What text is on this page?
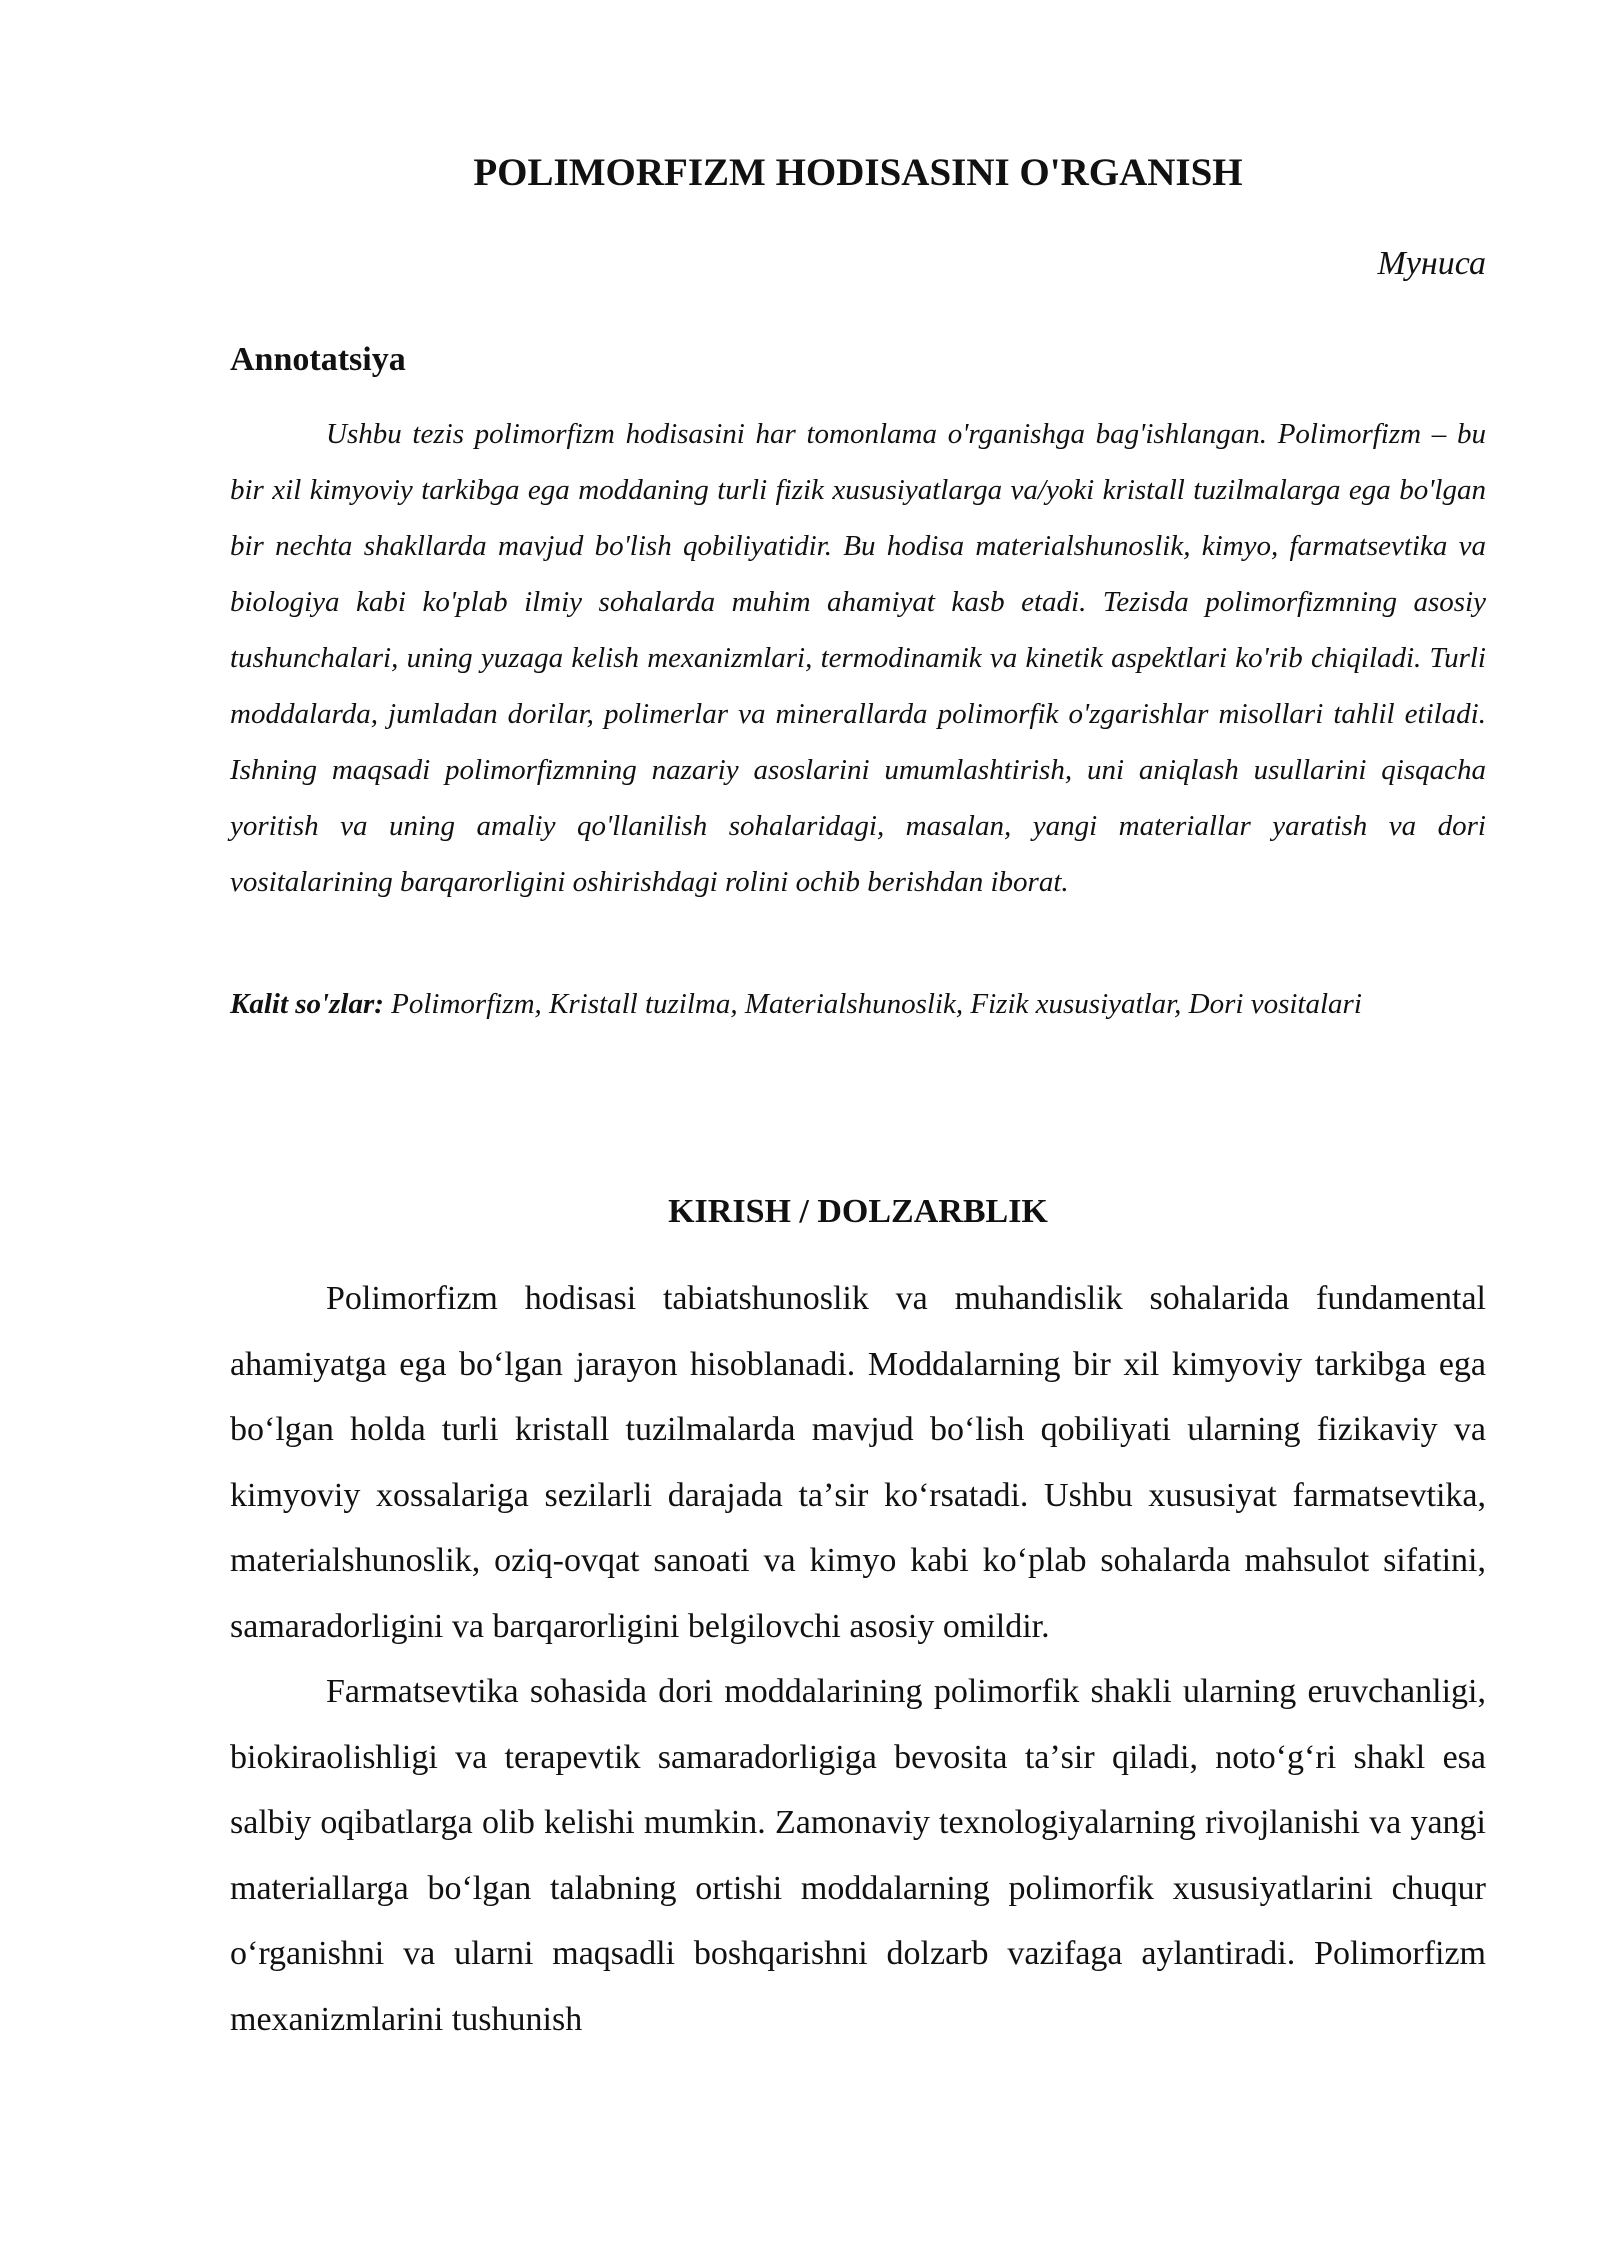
POLIMORFIZM HODISASINI O'RGANISH

Муниса

Annotatsiya

Ushbu tezis polimorfizm hodisasini har tomonlama o'rganishga bag'ishlangan. Polimorfizm – bu bir xil kimyoviy tarkibga ega moddaning turli fizik xususiyatlarga va/yoki kristall tuzilmalarga ega bo'lgan bir nechta shakllarda mavjud bo'lish qobiliyatidir. Bu hodisa materialshunoslik, kimyo, farmatsevtika va biologiya kabi ko'plab ilmiy sohalarda muhim ahamiyat kasb etadi. Tezisda polimorfizmning asosiy tushunchalari, uning yuzaga kelish mexanizmlari, termodinamik va kinetik aspektlari ko'rib chiqiladi. Turli moddalarda, jumladan dorilar, polimerlar va minerallarda polimorfik o'zgarishlar misollari tahlil etiladi. Ishning maqsadi polimorfizmning nazariy asoslarini umumlashtirish, uni aniqlash usullarini qisqacha yoritish va uning amaliy qo'llanilish sohalaridagi, masalan, yangi materiallar yaratish va dori vositalarining barqarorligini oshirishdagi rolini ochib berishdan iborat.

Kalit so'zlar: Polimorfizm, Kristall tuzilma, Materialshunoslik, Fizik xususiyatlar, Dori vositalari

KIRISH / DOLZARBLIK

Polimorfizm hodisasi tabiatshunoslik va muhandislik sohalarida fundamental ahamiyatga ega boʻlgan jarayon hisoblanadi. Moddalarning bir xil kimyoviy tarkibga ega boʻlgan holda turli kristall tuzilmalarda mavjud boʻlish qobiliyati ularning fizikaviy va kimyoviy xossalariga sezilarli darajada taʼsir koʻrsatadi. Ushbu xususiyat farmatsevtika, materialshunoslik, oziq-ovqat sanoati va kimyo kabi koʻplab sohalarda mahsulot sifatini, samaradorligini va barqarorligini belgilovchi asosiy omildir.

Farmatsevtika sohasida dori moddalarining polimorfik shakli ularning eruvchanligi, biokiraolishligi va terapevtik samaradorligiga bevosita taʼsir qiladi, notoʻgʻri shakl esa salbiy oqibatlarga olib kelishi mumkin. Zamonaviy texnologiyalarning rivojlanishi va yangi materiallarga boʻlgan talabning ortishi moddalarning polimorfik xususiyatlarini chuqur oʻrganishni va ularni maqsadli boshqarishni dolzarb vazifaga aylantiradi. Polimorfizm mexanizmlarini tushunish
